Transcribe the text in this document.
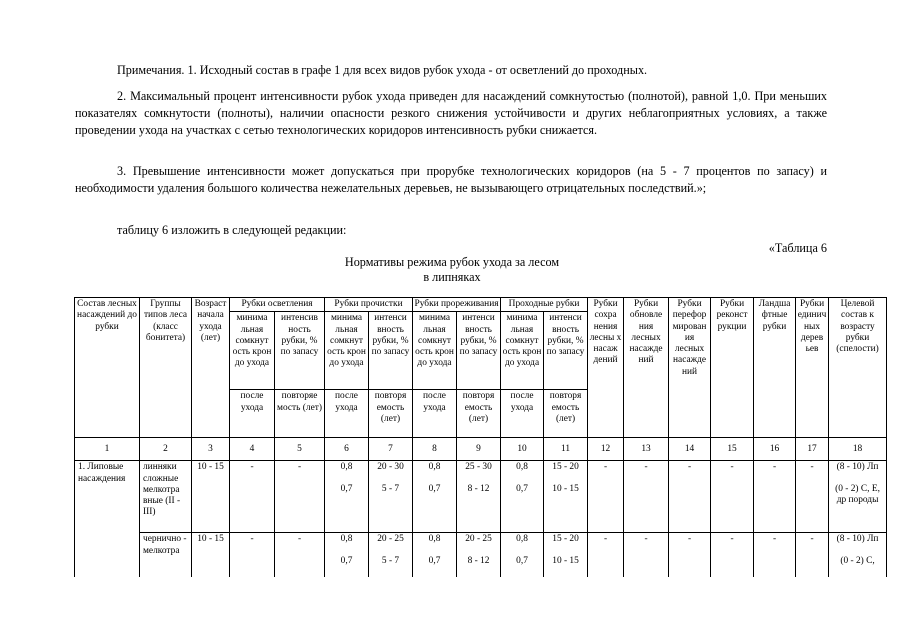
Примечания. 1. Исходный состав в графе 1 для всех видов рубок ухода - от осветлений до проходных.
2. Максимальный процент интенсивности рубок ухода приведен для насаждений сомкнутостью (полнотой), равной 1,0. При меньших показателях сомкнутости (полноты), наличии опасности резкого снижения устойчивости и других неблагоприятных условиях, а также проведении ухода на участках с сетью технологических коридоров интенсивность рубки снижается.
3. Превышение интенсивности может допускаться при прорубке технологических коридоров (на 5 - 7 процентов по запасу) и необходимости удаления большого количества нежелательных деревьев, не вызывающего отрицательных последствий.»;
таблицу 6 изложить в следующей редакции:
«Таблица 6
Нормативы режима рубок ухода за лесом
в липняках
Состав лесных насаждений до рубки	Группы типов леса (класс бонитета)	Возраст начала ухода (лет)	Рубки осветления		Рубки прочистки		Рубки прореживания		Проходные рубки		Рубки сохра нения лесны х насаж дений	Рубки обновле ния лесных насажде ний	Рубки перефор мирован ия лесных насажде ний	Рубки реконст рукции	Ландша фтные рубки	Рубки единич ных дерев ьев	Целевой состав к возрасту рубки (спелости)
			минима льная сомкнут ость крон до ухода	интенсив ность рубки, % по запасу	минима льная сомкнут ость крон до ухода	интенси вность рубки, % по запасу	минима льная сомкнут ость крон до ухода	интенси вность рубки, % по запасу	минима льная сомкнут ость крон до ухода	интенси вность рубки, % по запасу							
			после ухода	повторяе мость (лет)	после ухода	повторя емость (лет)	после ухода	повторя емость (лет)	после ухода	повторя емость (лет)							
1	2	3	4	5	6	7	8	9	10	11	12	13	14	15	16	17	18
1. Липовые насаждения	линняки сложные мелкотра вные (II - III)	10 - 15	-	-	0,8
0,7	20 - 30
5 - 7	0,8
0,7	25 - 30
8 - 12	0,8
0,7	15 - 20
10 - 15	-	-	-	-	-	-	(8 - 10) Лп
(0 - 2) С, Е, др породы

	чернично - мелкотра	10 - 15	-	-	0,8
0,7	20 - 25
5 - 7	0,8
0,7	20 - 25
8 - 12	0,8
0,7	15 - 20
10 - 15	-	-	-	-	-	-	(8 - 10) Лп
(0 - 2) С,
